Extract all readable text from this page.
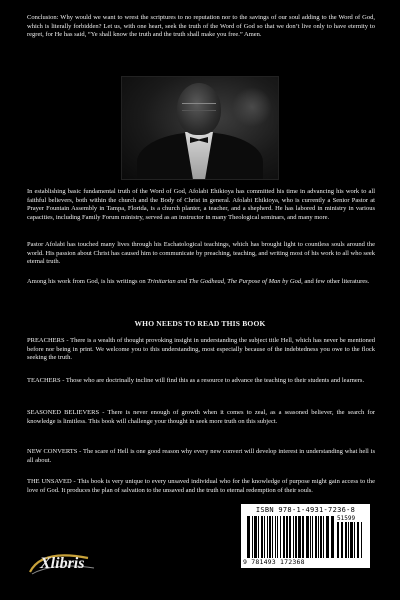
Conclusion: Why would we want to wrest the scriptures to no reputation nor to the savings of our soul adding to the Word of God, which is literally forbidden? Let us, with one heart, seek the truth of the Word of God so that we don’t live only to have eternity to regret, for He has said, “Ye shall know the truth and the truth shall make you free.” Amen.

In establishing basic fundamental truth of the Word of God, Afolabi Ehikioya has committed his time in advancing his work to all faithful believers, both within the church and the Body of Christ in general. Afolabi Ehikioya, who is currently a Senior Pastor at Prayer Fountain Assembly in Tampa, Florida, is a church planter, a teacher, and a shepherd. He has labored in ministry in various capacities, including Family Forum ministry, served as an instructor in many Theological seminars, and many more.

Pastor Afolabi has touched many lives through his Eschatological teachings, which has brought light to countless souls around the world. His passion about Christ has caused him to communicate by preaching, teaching, and writing most of his work to all who seek eternal truth.

Among his work from God, is his writings on Trinitarian and The Godhead, The Purpose of Man by God, and few other literatures.

WHO NEEDS TO READ THIS BOOK

PREACHERS - There is a wealth of thought provoking insight in understanding the subject title Hell, which has never be mentioned before nor being in print. We welcome you to this understanding, most especially because of the indebtedness you owe to the flock seeking the truth.

TEACHERS - Those who are doctrinally incline will find this as a resource to advance the teaching to their students and learners.

SEASONED BELIEVERS - There is never enough of growth when it comes to zeal, as a seasoned believer, the search for knowledge is limitless. This book will challenge your thought in seek more truth on this subject.

NEW CONVERTS - The scare of Hell is one good reason why every new convert will develop interest in understanding what hell is all about.

THE UNSAVED - This book is very unique to every unsaved individual who for the knowledge of purpose might gain access to the love of God. It produces the plan of salvation to the unsaved and the truth to eternal redemption of their souls.

Xlibris
ISBN 978-1-4931-7236-8
51599
9 781493 172368
